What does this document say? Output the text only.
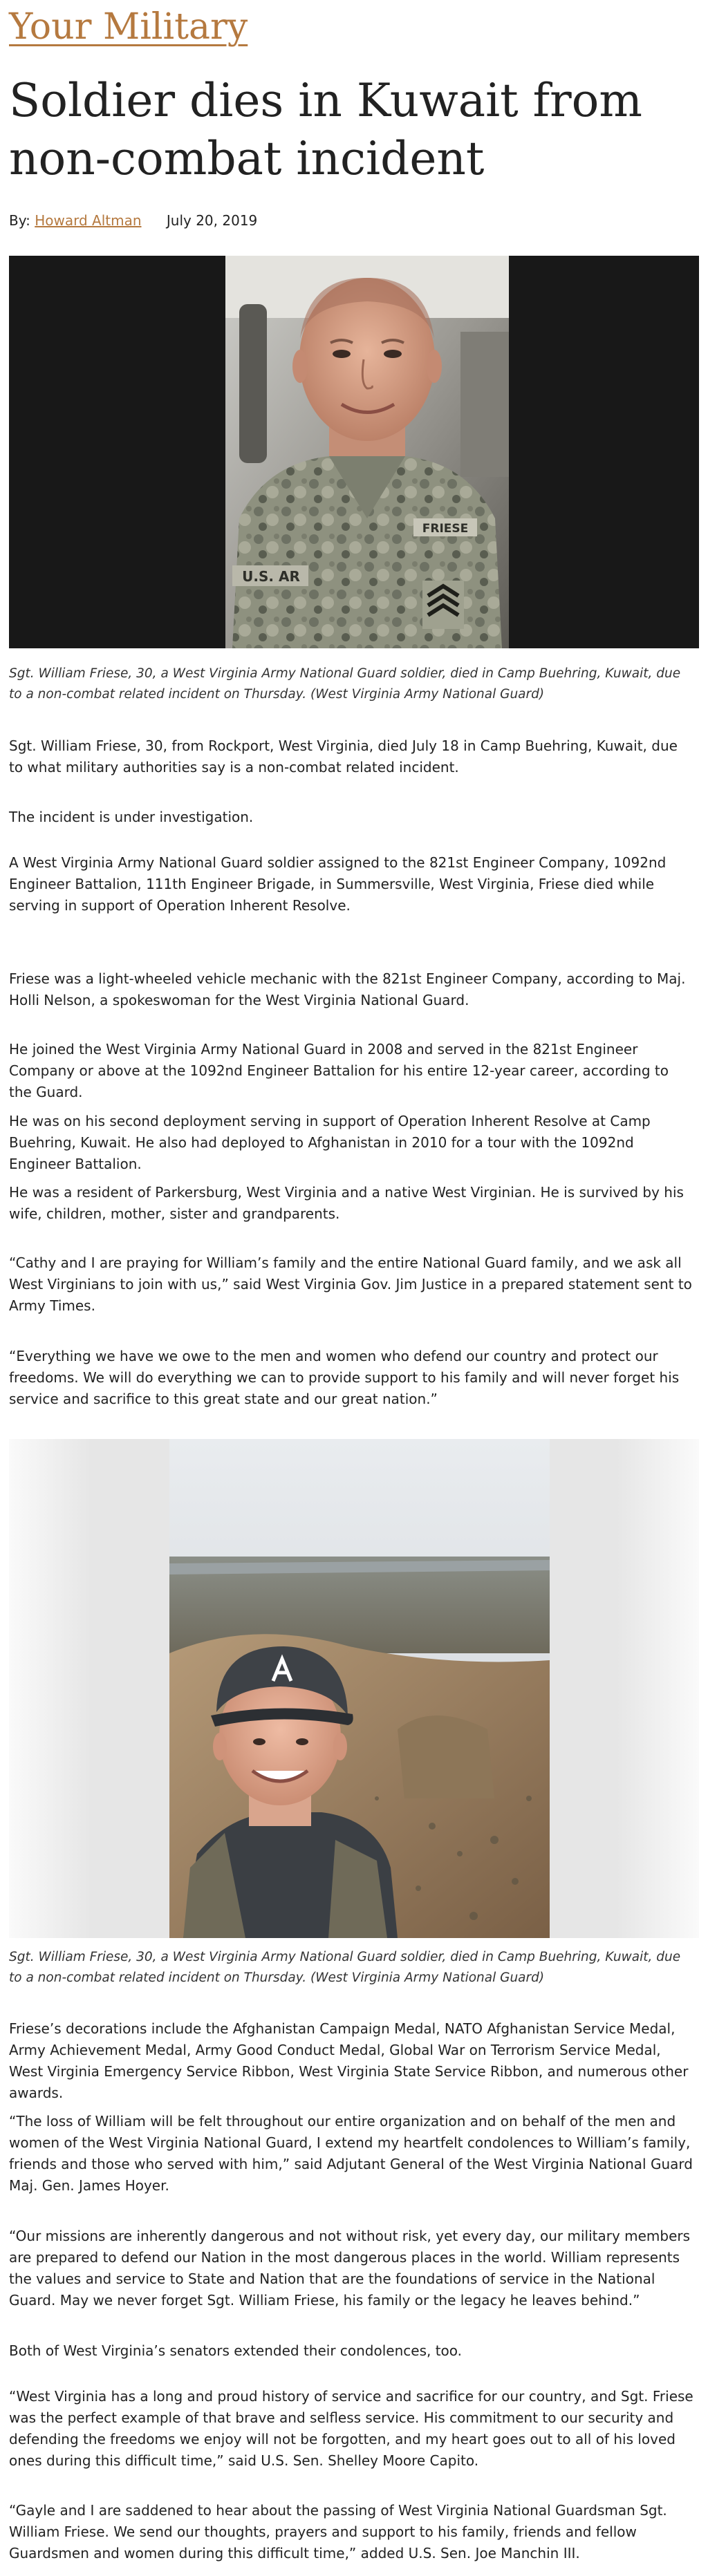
Your Military
Soldier dies in Kuwait from non-combat incident
By: Howard Altman July 20, 2019
FRIESE
U.S. AR
Sgt. William Friese, 30, a West Virginia Army National Guard soldier, died in Camp Buehring, Kuwait, due to a non-combat related incident on Thursday. (West Virginia Army National Guard)

Sgt. William Friese, 30, from Rockport, West Virginia, died July 18 in Camp Buehring, Kuwait, due to what military authorities say is a non-combat related incident.

The incident is under investigation.

A West Virginia Army National Guard soldier assigned to the 821st Engineer Company, 1092nd Engineer Battalion, 111th Engineer Brigade, in Summersville, West Virginia, Friese died while serving in support of Operation Inherent Resolve.

Friese was a light-wheeled vehicle mechanic with the 821st Engineer Company, according to Maj. Holli Nelson, a spokeswoman for the West Virginia National Guard.

He joined the West Virginia Army National Guard in 2008 and served in the 821st Engineer Company or above at the 1092nd Engineer Battalion for his entire 12-year career, according to the Guard.

He was on his second deployment serving in support of Operation Inherent Resolve at Camp Buehring, Kuwait. He also had deployed to Afghanistan in 2010 for a tour with the 1092nd Engineer Battalion.

He was a resident of Parkersburg, West Virginia and a native West Virginian. He is survived by his wife, children, mother, sister and grandparents.

“Cathy and I are praying for William’s family and the entire National Guard family, and we ask all West Virginians to join with us,” said West Virginia Gov. Jim Justice in a prepared statement sent to Army Times.

“Everything we have we owe to the men and women who defend our country and protect our freedoms. We will do everything we can to provide support to his family and will never forget his service and sacrifice to this great state and our great nation.”

Sgt. William Friese, 30, a West Virginia Army National Guard soldier, died in Camp Buehring, Kuwait, due to a non-combat related incident on Thursday. (West Virginia Army National Guard)

Friese’s decorations include the Afghanistan Campaign Medal, NATO Afghanistan Service Medal, Army Achievement Medal, Army Good Conduct Medal, Global War on Terrorism Service Medal, West Virginia Emergency Service Ribbon, West Virginia State Service Ribbon, and numerous other awards.

“The loss of William will be felt throughout our entire organization and on behalf of the men and women of the West Virginia National Guard, I extend my heartfelt condolences to William’s family, friends and those who served with him,” said Adjutant General of the West Virginia National Guard Maj. Gen. James Hoyer.

“Our missions are inherently dangerous and not without risk, yet every day, our military members are prepared to defend our Nation in the most dangerous places in the world. William represents the values and service to State and Nation that are the foundations of service in the National Guard. May we never forget Sgt. William Friese, his family or the legacy he leaves behind.”

Both of West Virginia’s senators extended their condolences, too.

“West Virginia has a long and proud history of service and sacrifice for our country, and Sgt. Friese was the perfect example of that brave and selfless service. His commitment to our security and defending the freedoms we enjoy will not be forgotten, and my heart goes out to all of his loved ones during this difficult time,” said U.S. Sen. Shelley Moore Capito.

“Gayle and I are saddened to hear about the passing of West Virginia National Guardsman Sgt. William Friese. We send our thoughts, prayers and support to his family, friends and fellow Guardsmen and women during this difficult time,” added U.S. Sen. Joe Manchin III.
